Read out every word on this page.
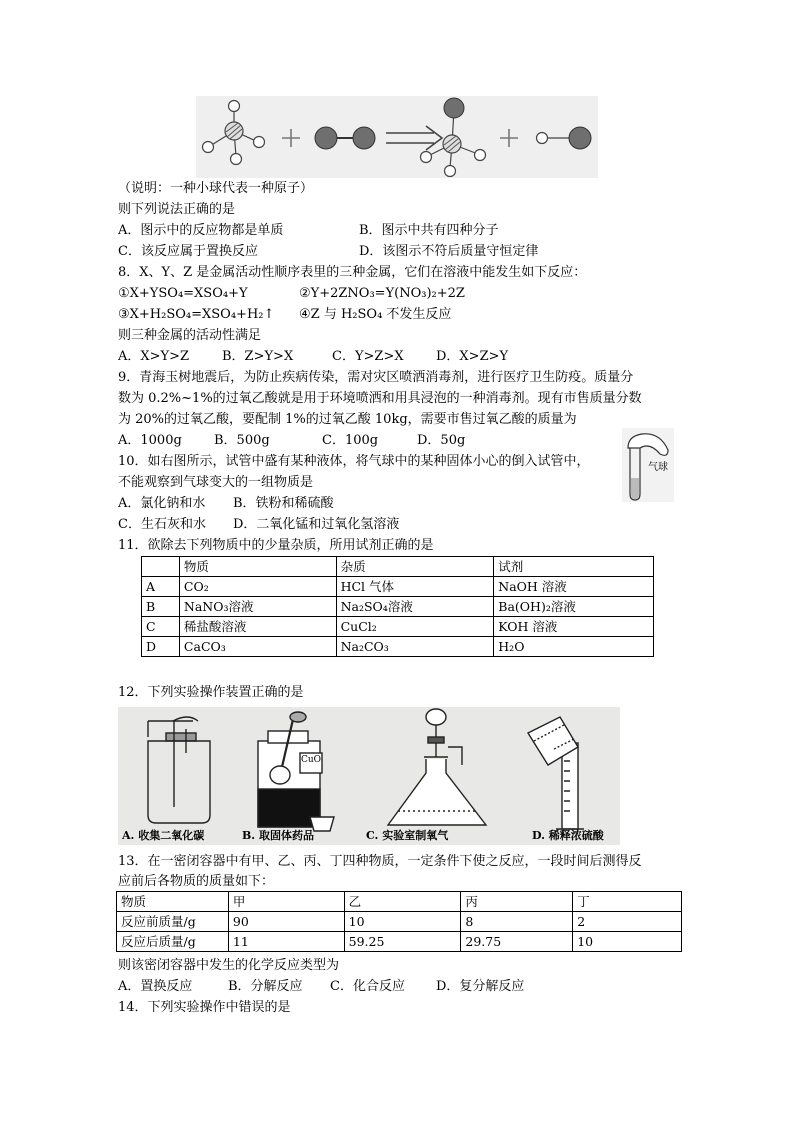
（说明：一种小球代表一种原子）
则下列说法正确的是
A．图示中的反应物都是单质	B．图示中共有四种分子
C．该反应属于置换反应	D．该图示不符后质量守恒定律
8．X、Y、Z 是金属活动性顺序表里的三种金属，它们在溶液中能发生如下反应：
①X+YSO₄=XSO₄+Y	②Y+2ZNO₃=Y(NO₃)₂+2Z
③X+H₂SO₄=XSO₄+H₂↑ ④Z 与 H₂SO₄ 不发生反应
则三种金属的活动性满足
A．X>Y>Z	B．Z>Y>X	C．Y>Z>X D．X>Z>Y
9．青海玉树地震后，为防止疾病传染，需对灾区喷洒消毒剂，进行医疗卫生防疫。质量分
数为 0.2%~1%的过氧乙酸就是用于环境喷洒和用具浸泡的一种消毒剂。现有市售质量分数
为 20%的过氧乙酸，要配制 1%的过氧乙酸 10kg，需要市售过氧乙酸的质量为
A．1000g B．500g	C．100g	D．50g
气球
10．如右图所示，试管中盛有某种液体，将气球中的某种固体小心的倒入试管中，
不能观察到气球变大的一组物质是
A．氯化钠和水 B．铁粉和稀硫酸
C．生石灰和水 D．二氧化锰和过氧化氢溶液
11．欲除去下列物质中的少量杂质，所用试剂正确的是
	物质	杂质	试剂
A	CO₂	HCl 气体	NaOH 溶液
B	NaNO₃溶液	Na₂SO₄溶液	Ba(OH)₂溶液
C	稀盐酸溶液	CuCl₂	KOH 溶液
D	CaCO₃	Na₂CO₃	H₂O
12．下列实验操作装置正确的是
A. 收集二氧化碳	B. 取固体药品	C. 实验室制氧气	D. 稀释浓硫酸
CuO
13．在一密闭容器中有甲、乙、丙、丁四种物质，一定条件下使之反应，一段时间后测得反
应前后各物质的质量如下：
物质	甲	乙	丙	丁
反应前质量/g	90	10	8	2
反应后质量/g	11	59.25	29.75	10
则该密闭容器中发生的化学反应类型为
A．置换反应	B．分解反应 C．化合反应 D．复分解反应
14．下列实验操作中错误的是
